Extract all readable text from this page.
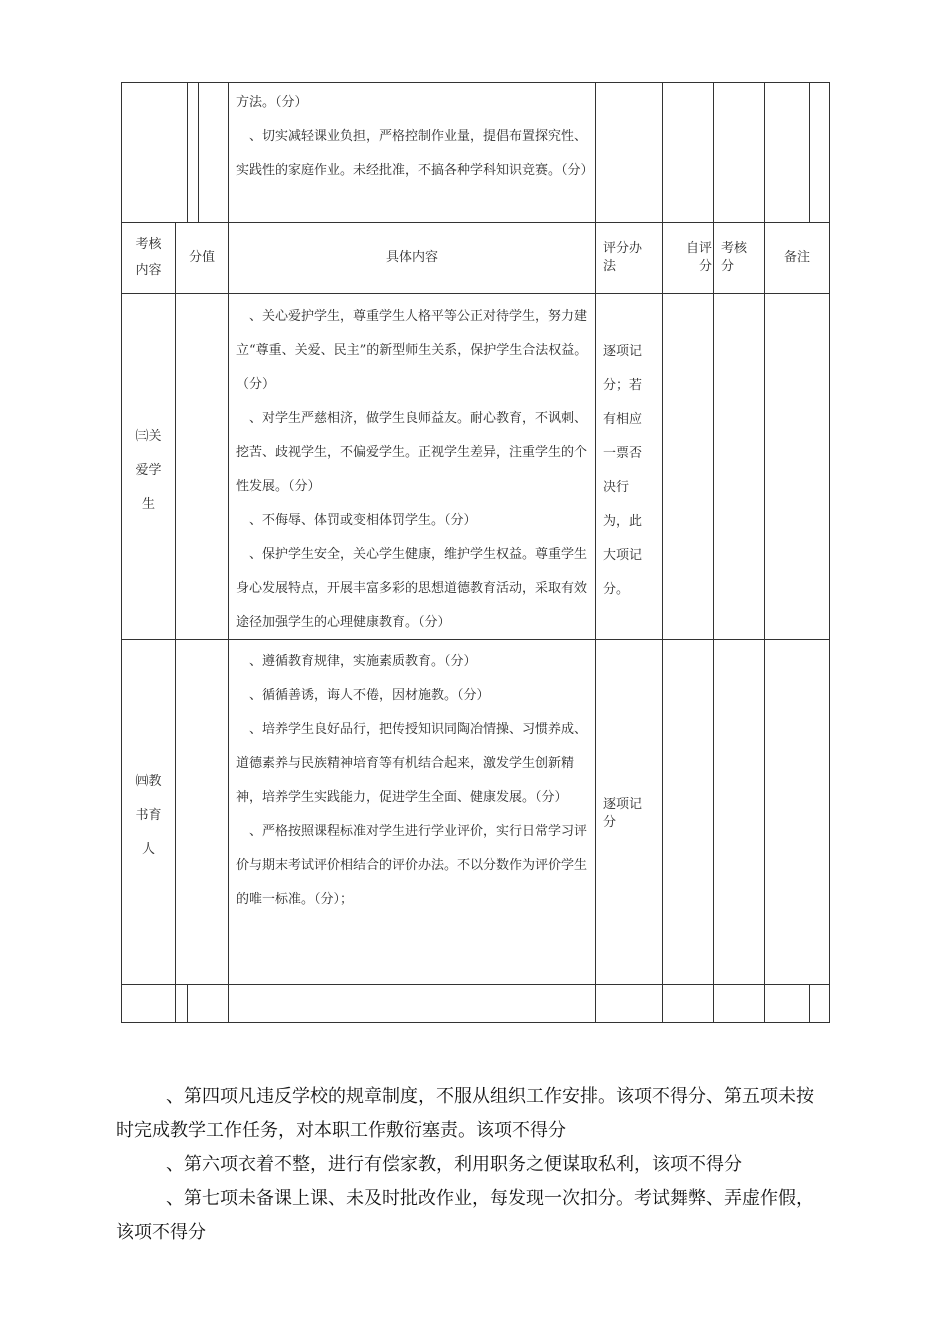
方法。（分）

、切实减轻课业负担，严格控制作业量，提倡布置探究性、实践性的家庭作业。未经批准，不搞各种学科知识竞赛。（分）

考核
内容
分值	具体内容
评分办
法
自评
分
考核
分
备注
㈢关
爱学
生

、关心爱护学生，尊重学生人格平等公正对待学生，努力建立“尊重、关爱、民主”的新型师生关系，保护学生合法权益。（分）

、对学生严慈相济，做学生良师益友。耐心教育，不讽刺、挖苦、歧视学生，不偏爱学生。正视学生差异，注重学生的个性发展。（分）

、不侮辱、体罚或变相体罚学生。（分）

、保护学生安全，关心学生健康，维护学生权益。尊重学生身心发展特点，开展丰富多彩的思想道德教育活动，采取有效途径加强学生的心理健康教育。（分）

逐项记
分；若
有相应
一票否
决行
为，此
大项记
分。
㈣教
书育
人

、遵循教育规律，实施素质教育。（分）

、循循善诱，诲人不倦，因材施教。（分）

、培养学生良好品行，把传授知识同陶冶情操、习惯养成、道德素养与民族精神培育等有机结合起来，激发学生创新精神，培养学生实践能力，促进学生全面、健康发展。（分）

、严格按照课程标准对学生进行学业评价，实行日常学习评价与期末考试评价相结合的评价办法。不以分数作为评价学生的唯一标准。（分）；

逐项记
分

、第四项凡违反学校的规章制度，不服从组织工作安排。该项不得分、第五项未按时完成教学工作任务，对本职工作敷衍塞责。该项不得分

、第六项衣着不整，进行有偿家教，利用职务之便谋取私利，该项不得分

、第七项未备课上课、未及时批改作业，每发现一次扣分。考试舞弊、弄虚作假，该项不得分
